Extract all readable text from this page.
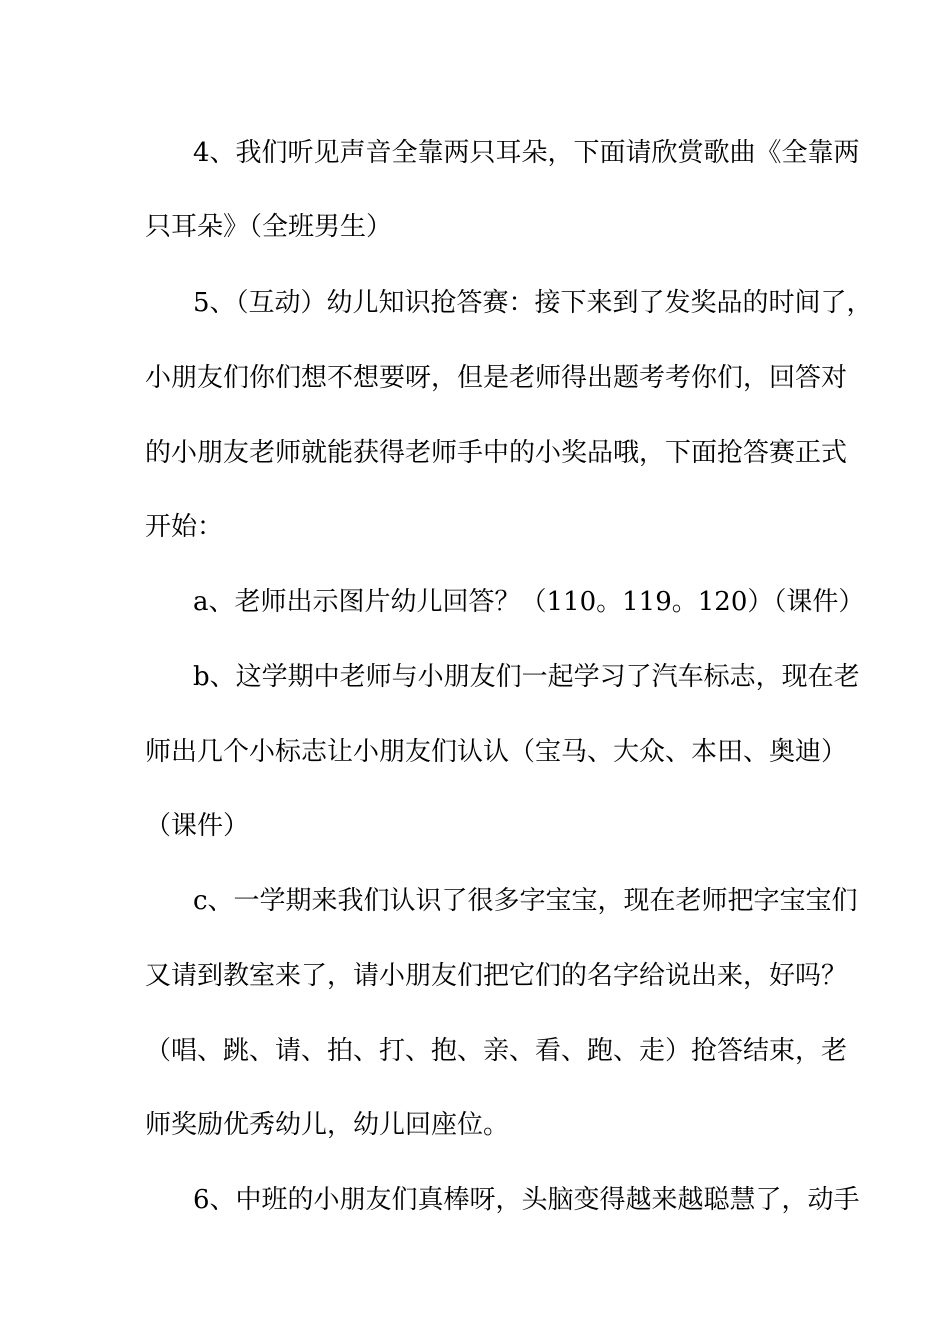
4、我们听见声音全靠两只耳朵，下面请欣赏歌曲《全靠两
只耳朵》（全班男生）
5、（互动）幼儿知识抢答赛：接下来到了发奖品的时间了，
小朋友们你们想不想要呀，但是老师得出题考考你们，回答对
的小朋友老师就能获得老师手中的小奖品哦，下面抢答赛正式
开始：
a、老师出示图片幼儿回答？（110。119。120）（课件）
b、这学期中老师与小朋友们一起学习了汽车标志，现在老
师出几个小标志让小朋友们认认（宝马、大众、本田、奥迪）
（课件）
c、一学期来我们认识了很多字宝宝，现在老师把字宝宝们
又请到教室来了，请小朋友们把它们的名字给说出来，好吗？
（唱、跳、请、拍、打、抱、亲、看、跑、走）抢答结束，老
师奖励优秀幼儿，幼儿回座位。
6、中班的小朋友们真棒呀，头脑变得越来越聪慧了，动手
